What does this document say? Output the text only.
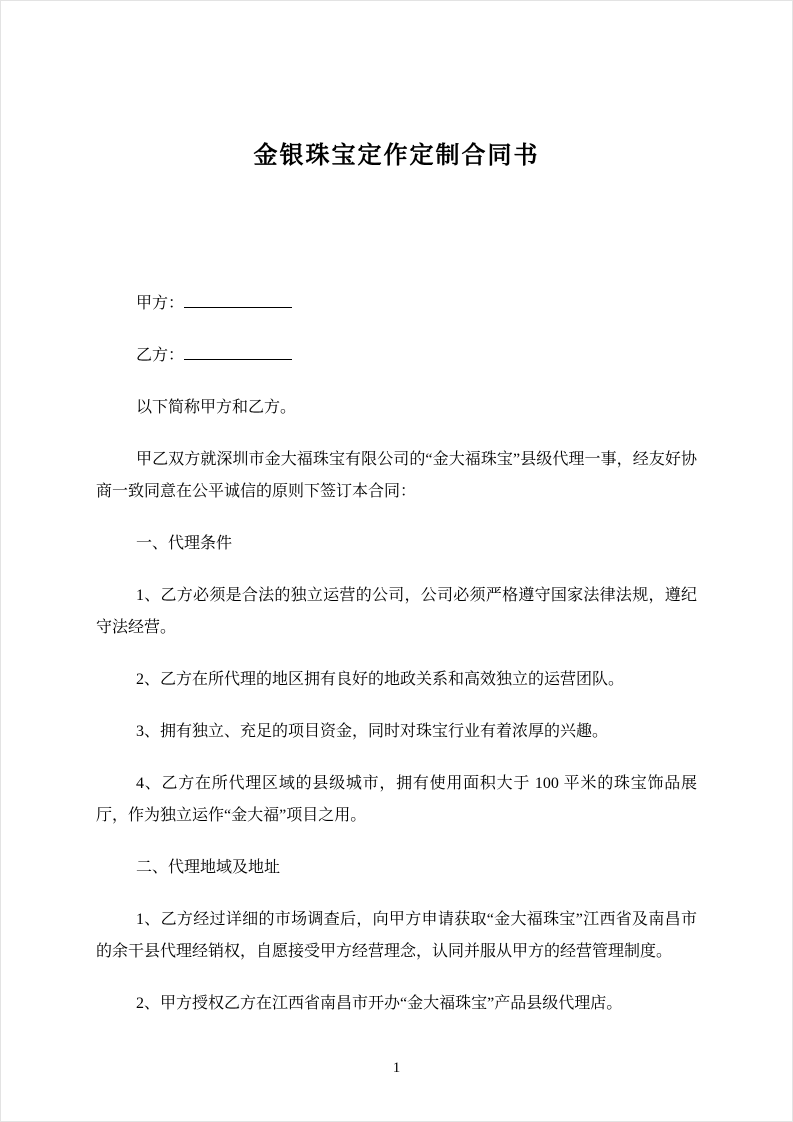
金银珠宝定作定制合同书

甲方：

乙方：

以下简称甲方和乙方。

甲乙双方就深圳市金大福珠宝有限公司的“金大福珠宝”县级代理一事，经友好协商一致同意在公平诚信的原则下签订本合同：

一、代理条件

1、乙方必须是合法的独立运营的公司，公司必须严格遵守国家法律法规，遵纪守法经营。

2、乙方在所代理的地区拥有良好的地政关系和高效独立的运营团队。

3、拥有独立、充足的项目资金，同时对珠宝行业有着浓厚的兴趣。

4、乙方在所代理区域的县级城市，拥有使用面积大于 100 平米的珠宝饰品展厅，作为独立运作“金大福”项目之用。

二、代理地域及地址

1、乙方经过详细的市场调查后，向甲方申请获取“金大福珠宝”江西省及南昌市的余干县代理经销权，自愿接受甲方经营理念，认同并服从甲方的经营管理制度。

2、甲方授权乙方在江西省南昌市开办“金大福珠宝”产品县级代理店。

1
